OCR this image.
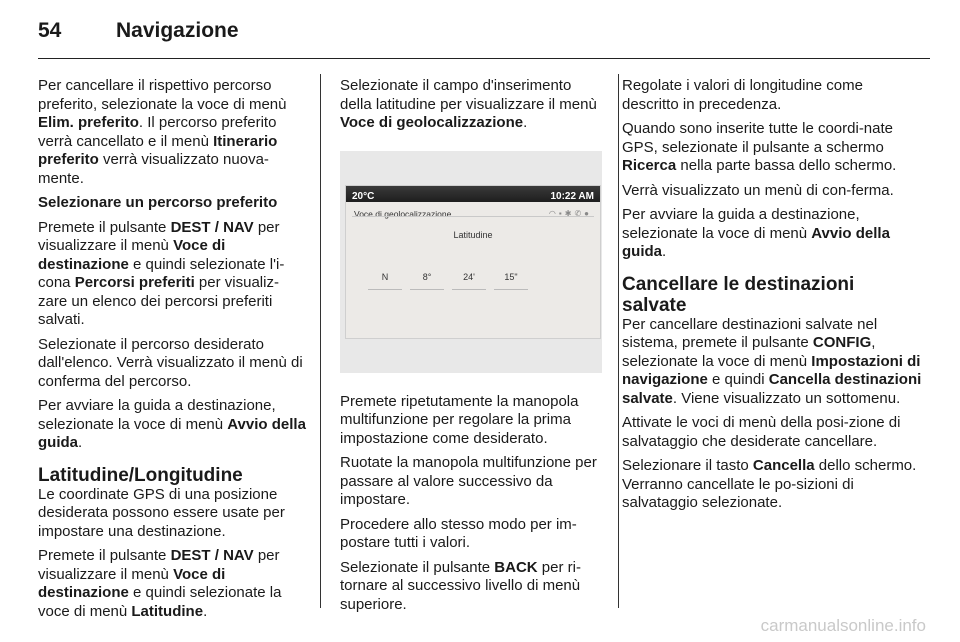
54	Navigazione

Per cancellare il rispettivo percorso preferito, selezionate la voce di menù Elim. preferito. Il percorso preferito verrà cancellato e il menù Itinerario preferito verrà visualizzato nuova‐mente.

Selezionare un percorso preferito

Premete il pulsante DEST / NAV per visualizzare il menù Voce di destinazione e quindi selezionate l'i‐cona Percorsi preferiti per visualiz‐zare un elenco dei percorsi preferiti salvati.

Selezionate il percorso desiderato dall'elenco. Verrà visualizzato il menù di conferma del percorso.

Per avviare la guida a destinazione, selezionate la voce di menù Avvio della guida.

Latitudine/Longitudine

Le coordinate GPS di una posizione desiderata possono essere usate per impostare una destinazione.

Premete il pulsante DEST / NAV per visualizzare il menù Voce di destinazione e quindi selezionate la voce di menù Latitudine.

Selezionate il campo d'inserimento della latitudine per visualizzare il menù Voce di geolocalizzazione.

20°C	10:22 AM
Voce di geolocalizzazione	◠▪✱✆●
Latitudine
N	8°	24'	15"

Premete ripetutamente la manopola multifunzione per regolare la prima impostazione come desiderato.

Ruotate la manopola multifunzione per passare al valore successivo da impostare.

Procedere allo stesso modo per im‐postare tutti i valori.

Selezionate il pulsante BACK per ri‐tornare al successivo livello di menù superiore.

Regolate i valori di longitudine come descritto in precedenza.

Quando sono inserite tutte le coordi‐nate GPS, selezionate il pulsante a schermo Ricerca nella parte bassa dello schermo.

Verrà visualizzato un menù di con‐ferma.

Per avviare la guida a destinazione, selezionate la voce di menù Avvio della guida.

Cancellare le destinazioni salvate

Per cancellare destinazioni salvate nel sistema, premete il pulsante CONFIG, selezionate la voce di menù Impostazioni di navigazione e quindi Cancella destinazioni salvate. Viene visualizzato un sottomenu.

Attivate le voci di menù della posi‐zione di salvataggio che desiderate cancellare.

Selezionare il tasto Cancella dello schermo. Verranno cancellate le po‐sizioni di salvataggio selezionate.

carmanualsonline.info
